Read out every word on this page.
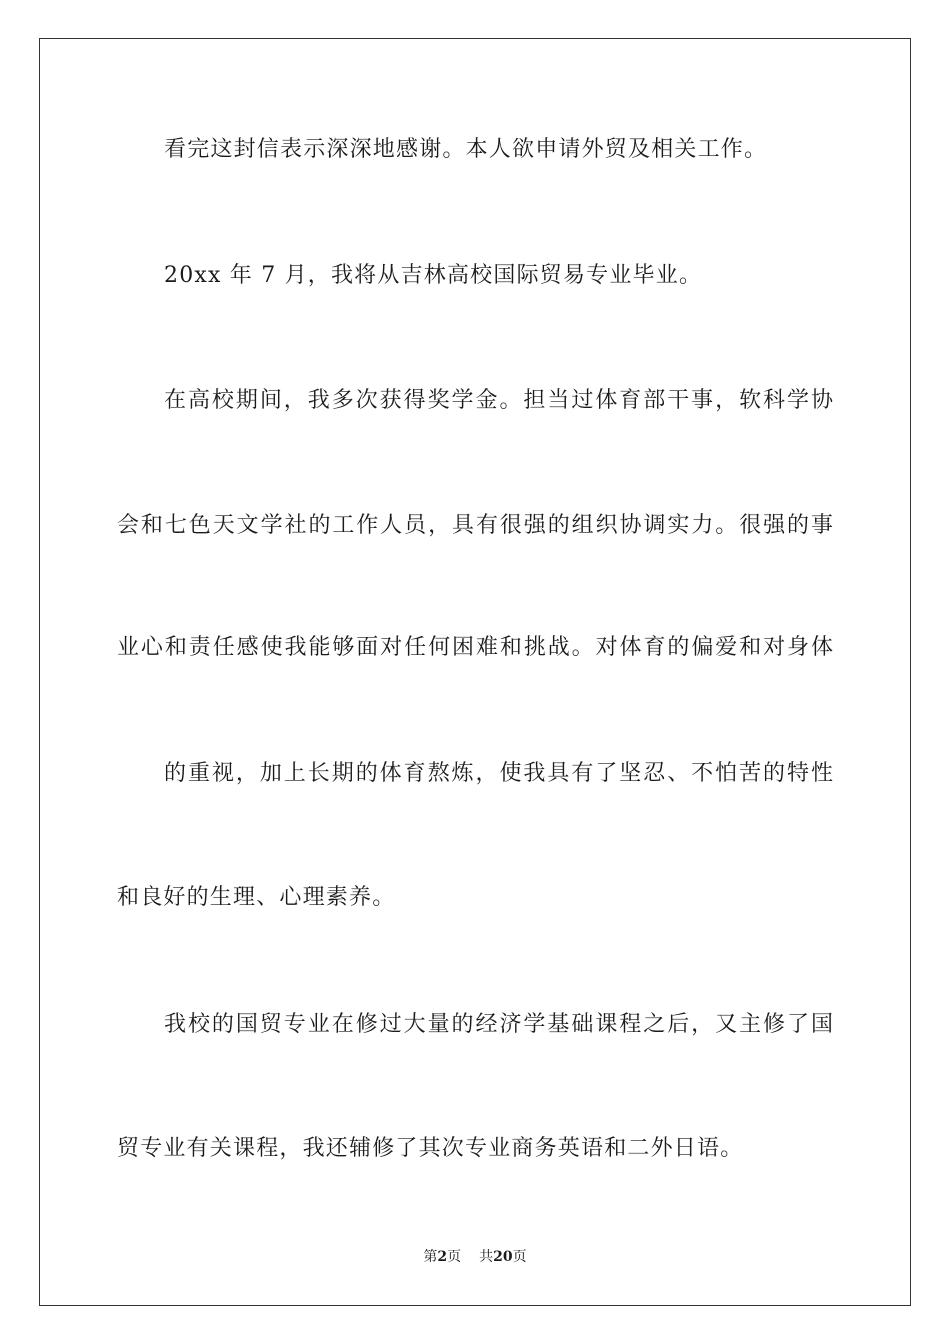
看完这封信表示深深地感谢。本人欲申请外贸及相关工作。
20xx 年 7 月，我将从吉林高校国际贸易专业毕业。
在高校期间，我多次获得奖学金。担当过体育部干事，软科学协
会和七色天文学社的工作人员，具有很强的组织协调实力。很强的事
业心和责任感使我能够面对任何困难和挑战。对体育的偏爱和对身体
的重视，加上长期的体育熬炼，使我具有了坚忍、不怕苦的特性
和良好的生理、心理素养。
我校的国贸专业在修过大量的经济学基础课程之后，又主修了国
贸专业有关课程，我还辅修了其次专业商务英语和二外日语。
第2页 共20页
